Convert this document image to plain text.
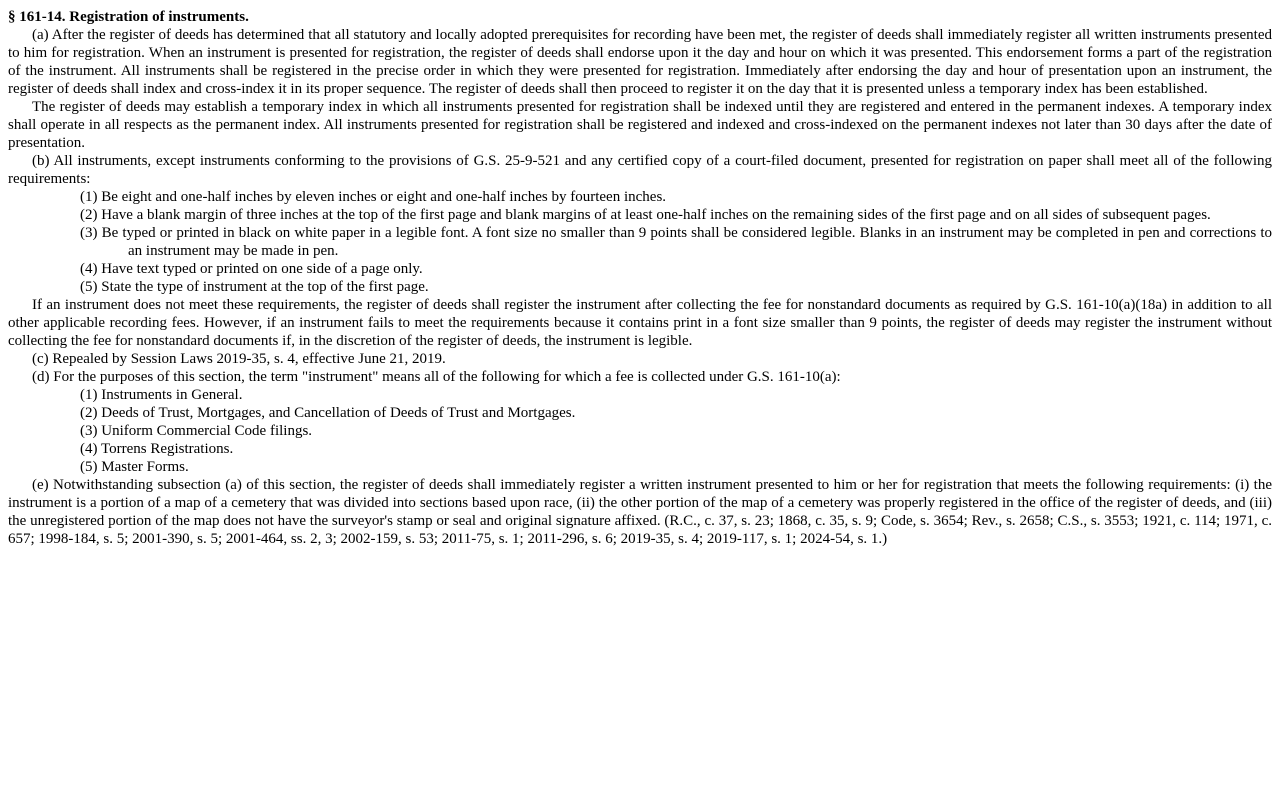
§ 161-14. Registration of instruments.

(a) After the register of deeds has determined that all statutory and locally adopted prerequisites for recording have been met, the register of deeds shall immediately register all written instruments presented to him for registration. When an instrument is presented for registration, the register of deeds shall endorse upon it the day and hour on which it was presented. This endorsement forms a part of the registration of the instrument. All instruments shall be registered in the precise order in which they were presented for registration. Immediately after endorsing the day and hour of presentation upon an instrument, the register of deeds shall index and cross-index it in its proper sequence. The register of deeds shall then proceed to register it on the day that it is presented unless a temporary index has been established.

The register of deeds may establish a temporary index in which all instruments presented for registration shall be indexed until they are registered and entered in the permanent indexes. A temporary index shall operate in all respects as the permanent index. All instruments presented for registration shall be registered and indexed and cross-indexed on the permanent indexes not later than 30 days after the date of presentation.

(b) All instruments, except instruments conforming to the provisions of G.S. 25-9-521 and any certified copy of a court-filed document, presented for registration on paper shall meet all of the following requirements:

(1) Be eight and one-half inches by eleven inches or eight and one-half inches by fourteen inches.

(2) Have a blank margin of three inches at the top of the first page and blank margins of at least one-half inches on the remaining sides of the first page and on all sides of subsequent pages.

(3) Be typed or printed in black on white paper in a legible font. A font size no smaller than 9 points shall be considered legible. Blanks in an instrument may be completed in pen and corrections to an instrument may be made in pen.

(4) Have text typed or printed on one side of a page only.

(5) State the type of instrument at the top of the first page.

If an instrument does not meet these requirements, the register of deeds shall register the instrument after collecting the fee for nonstandard documents as required by G.S. 161-10(a)(18a) in addition to all other applicable recording fees. However, if an instrument fails to meet the requirements because it contains print in a font size smaller than 9 points, the register of deeds may register the instrument without collecting the fee for nonstandard documents if, in the discretion of the register of deeds, the instrument is legible.

(c) Repealed by Session Laws 2019-35, s. 4, effective June 21, 2019.

(d) For the purposes of this section, the term "instrument" means all of the following for which a fee is collected under G.S. 161-10(a):

(1) Instruments in General.

(2) Deeds of Trust, Mortgages, and Cancellation of Deeds of Trust and Mortgages.

(3) Uniform Commercial Code filings.

(4) Torrens Registrations.

(5) Master Forms.

(e) Notwithstanding subsection (a) of this section, the register of deeds shall immediately register a written instrument presented to him or her for registration that meets the following requirements: (i) the instrument is a portion of a map of a cemetery that was divided into sections based upon race, (ii) the other portion of the map of a cemetery was properly registered in the office of the register of deeds, and (iii) the unregistered portion of the map does not have the surveyor's stamp or seal and original signature affixed. (R.C., c. 37, s. 23; 1868, c. 35, s. 9; Code, s. 3654; Rev., s. 2658; C.S., s. 3553; 1921, c. 114; 1971, c. 657; 1998-184, s. 5; 2001-390, s. 5; 2001-464, ss. 2, 3; 2002-159, s. 53; 2011-75, s. 1; 2011-296, s. 6; 2019-35, s. 4; 2019-117, s. 1; 2024-54, s. 1.)
